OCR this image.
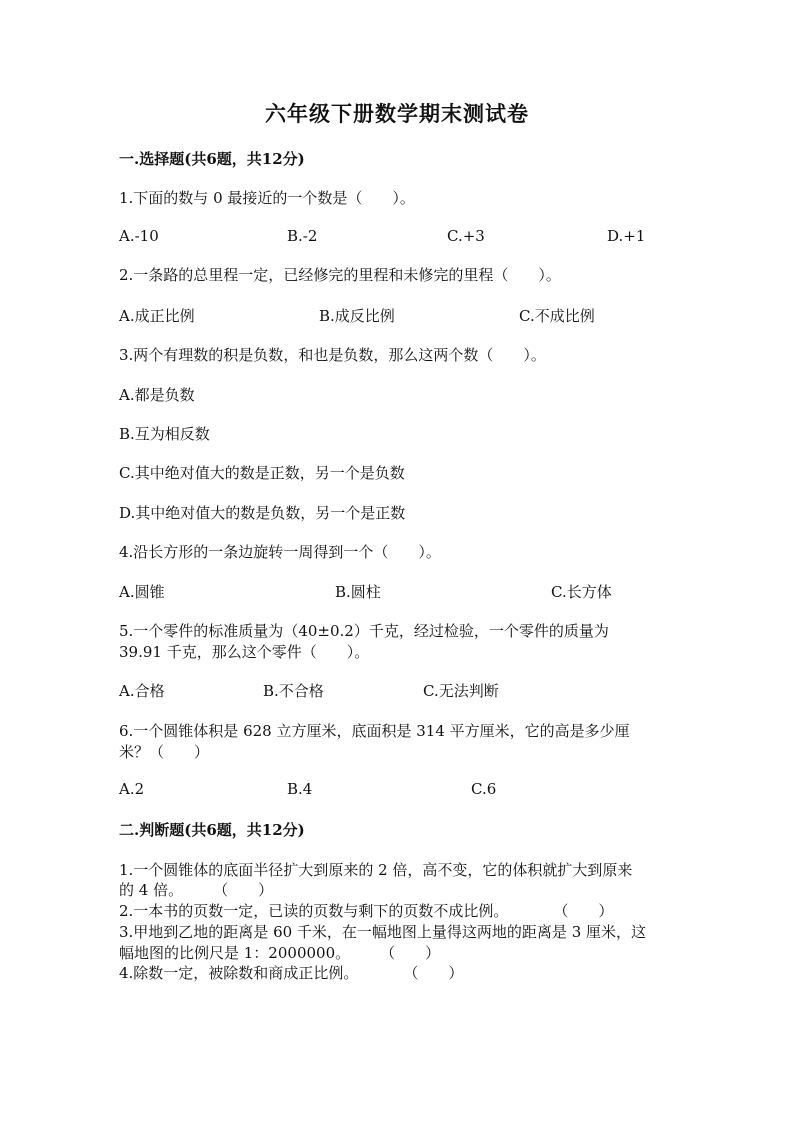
六年级下册数学期末测试卷
一.选择题(共6题，共12分)
1.下面的数与 0 最接近的一个数是（　　）。
A.-10	B.-2	C.+3	D.+1
2.一条路的总里程一定，已经修完的里程和未修完的里程（　　）。
A.成正比例	B.成反比例	C.不成比例
3.两个有理数的积是负数，和也是负数，那么这两个数（　　）。
A.都是负数
B.互为相反数
C.其中绝对值大的数是正数，另一个是负数
D.其中绝对值大的数是负数，另一个是正数
4.沿长方形的一条边旋转一周得到一个（　　）。
A.圆锥	B.圆柱	C.长方体
5.一个零件的标准质量为（40±0.2）千克，经过检验，一个零件的质量为
39.91 千克，那么这个零件（　　）。
A.合格	B.不合格	C.无法判断
6.一个圆锥体积是 628 立方厘米，底面积是 314 平方厘米，它的高是多少厘
米？（　　）
A.2	B.4	C.6
二.判断题(共6题，共12分)
1.一个圆锥体的底面半径扩大到原来的 2 倍，高不变，它的体积就扩大到原来
的 4 倍。　　　（　　）
2.一本书的页数一定，已读的页数与剩下的页数不成比例。　　　　（　　）
3.甲地到乙地的距离是 60 千米，在一幅地图上量得这两地的距离是 3 厘米，这
幅地图的比例尺是 1：2000000。　　　（　　）
4.除数一定，被除数和商成正比例。　　　　（　　）
